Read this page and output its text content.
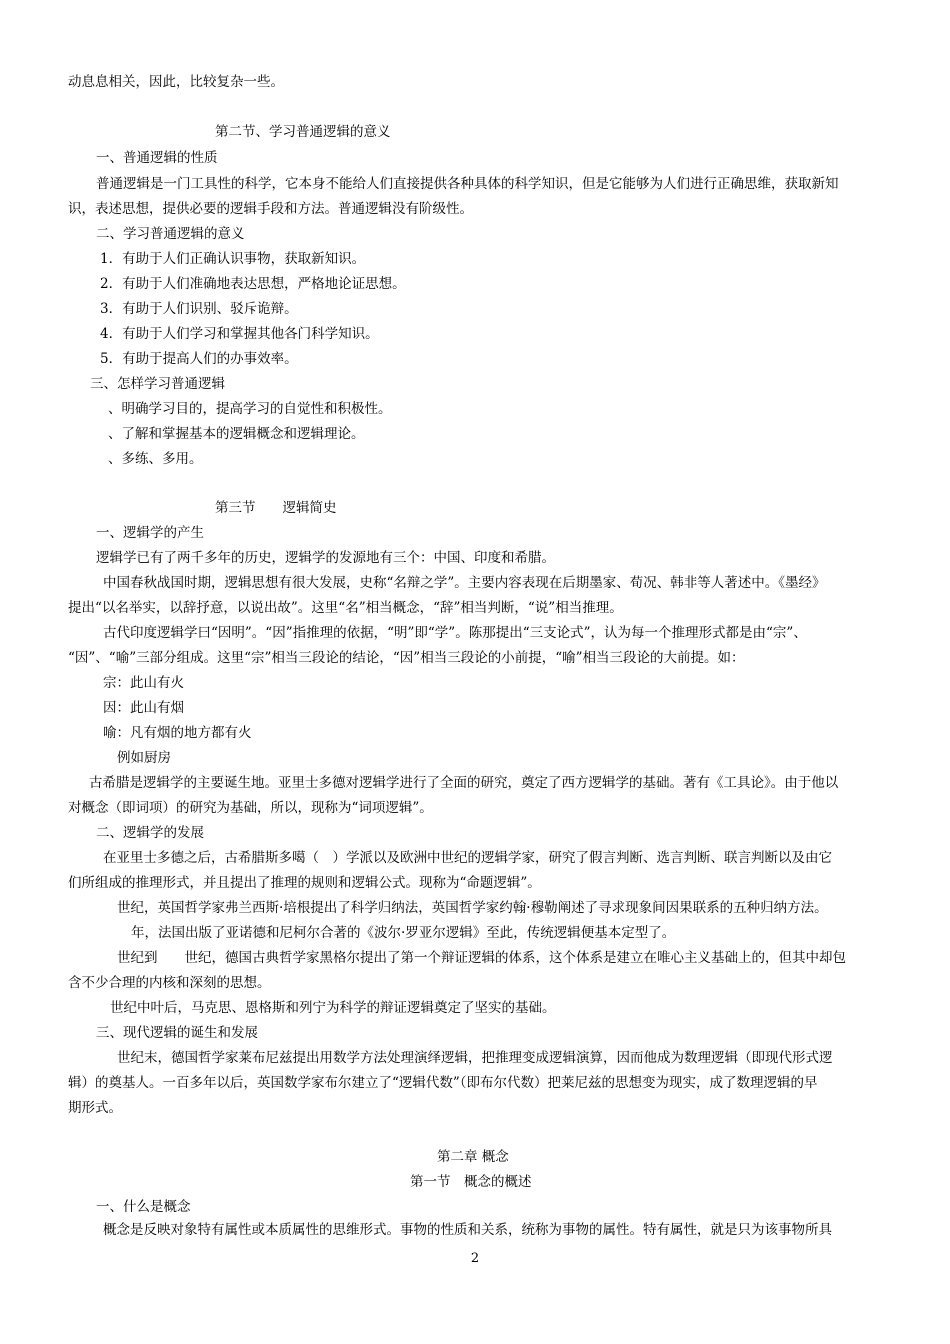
动息息相关，因此，比较复杂一些。
第二节、学习普通逻辑的意义
一、普通逻辑的性质
普通逻辑是一门工具性的科学，它本身不能给人们直接提供各种具体的科学知识，但是它能够为人们进行正确思维，获取新知
识，表述思想，提供必要的逻辑手段和方法。普通逻辑没有阶级性。
二、学习普通逻辑的意义
1．有助于人们正确认识事物，获取新知识。
2．有助于人们准确地表达思想，严格地论证思想。
3．有助于人们识别、驳斥诡辩。
4．有助于人们学习和掌握其他各门科学知识。
5．有助于提高人们的办事效率。
三、怎样学习普通逻辑
、明确学习目的，提高学习的自觉性和积极性。
、了解和掌握基本的逻辑概念和逻辑理论。
、多练、多用。
第三节　　逻辑简史
一、逻辑学的产生
逻辑学已有了两千多年的历史，逻辑学的发源地有三个：中国、印度和希腊。
中国春秋战国时期，逻辑思想有很大发展，史称“名辩之学”。主要内容表现在后期墨家、荀况、韩非等人著述中。《墨经》
提出“以名举实，以辞抒意，以说出故”。这里“名”相当概念，“辞”相当判断，“说”相当推理。
古代印度逻辑学曰“因明”。“因”指推理的依据，“明”即“学”。陈那提出“三支论式”，认为每一个推理形式都是由“宗”、
“因”、“喻”三部分组成。这里“宗”相当三段论的结论，“因”相当三段论的小前提，“喻”相当三段论的大前提。如：
宗：此山有火
因：此山有烟
喻：凡有烟的地方都有火
例如厨房
古希腊是逻辑学的主要诞生地。亚里士多德对逻辑学进行了全面的研究，奠定了西方逻辑学的基础。著有《工具论》。由于他以
对概念（即词项）的研究为基础，所以，现称为“词项逻辑”。
二、逻辑学的发展
在亚里士多德之后，古希腊斯多噶（　）学派以及欧洲中世纪的逻辑学家，研究了假言判断、选言判断、联言判断以及由它
们所组成的推理形式，并且提出了推理的规则和逻辑公式。现称为“命题逻辑”。
世纪，英国哲学家弗兰西斯·培根提出了科学归纳法，英国哲学家约翰·穆勒阐述了寻求现象间因果联系的五种归纳方法。
年，法国出版了亚诺德和尼柯尔合著的《波尔·罗亚尔逻辑》至此，传统逻辑便基本定型了。
世纪到　　世纪，德国古典哲学家黑格尔提出了第一个辩证逻辑的体系，这个体系是建立在唯心主义基础上的，但其中却包
含不少合理的内核和深刻的思想。
世纪中叶后，马克思、恩格斯和列宁为科学的辩证逻辑奠定了坚实的基础。
三、现代逻辑的诞生和发展
世纪末，德国哲学家莱布尼兹提出用数学方法处理演绎逻辑，把推理变成逻辑演算，因而他成为数理逻辑（即现代形式逻
辑）的奠基人。一百多年以后，英国数学家布尔建立了“逻辑代数”（即布尔代数）把莱尼兹的思想变为现实，成了数理逻辑的早
期形式。
第二章 概念
第一节　概念的概述
一、什么是概念
概念是反映对象特有属性或本质属性的思维形式。事物的性质和关系，统称为事物的属性。特有属性，就是只为该事物所具
2
